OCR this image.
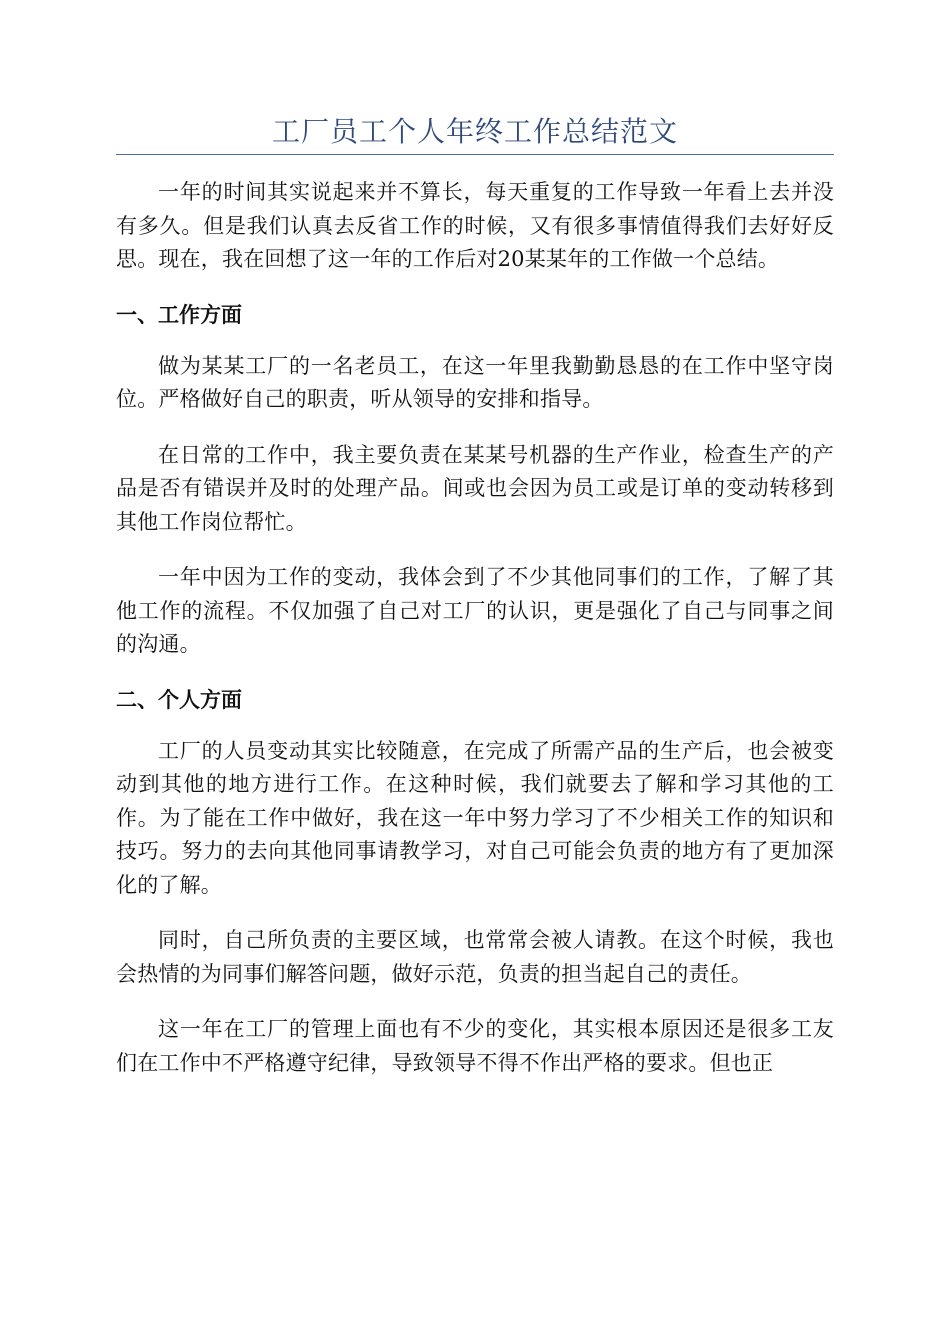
工厂员工个人年终工作总结范文

一年的时间其实说起来并不算长，每天重复的工作导致一年看上去并没有多久。但是我们认真去反省工作的时候，又有很多事情值得我们去好好反思。现在，我在回想了这一年的工作后对20某某年的工作做一个总结。

一、工作方面

做为某某工厂的一名老员工，在这一年里我勤勤恳恳的在工作中坚守岗位。严格做好自己的职责，听从领导的安排和指导。

在日常的工作中，我主要负责在某某号机器的生产作业，检查生产的产品是否有错误并及时的处理产品。间或也会因为员工或是订单的变动转移到其他工作岗位帮忙。

一年中因为工作的变动，我体会到了不少其他同事们的工作，了解了其他工作的流程。不仅加强了自己对工厂的认识，更是强化了自己与同事之间的沟通。

二、个人方面

工厂的人员变动其实比较随意，在完成了所需产品的生产后，也会被变动到其他的地方进行工作。在这种时候，我们就要去了解和学习其他的工作。为了能在工作中做好，我在这一年中努力学习了不少相关工作的知识和技巧。努力的去向其他同事请教学习，对自己可能会负责的地方有了更加深化的了解。

同时，自己所负责的主要区域，也常常会被人请教。在这个时候，我也会热情的为同事们解答问题，做好示范，负责的担当起自己的责任。

这一年在工厂的管理上面也有不少的变化，其实根本原因还是很多工友们在工作中不严格遵守纪律，导致领导不得不作出严格的要求。但也正
